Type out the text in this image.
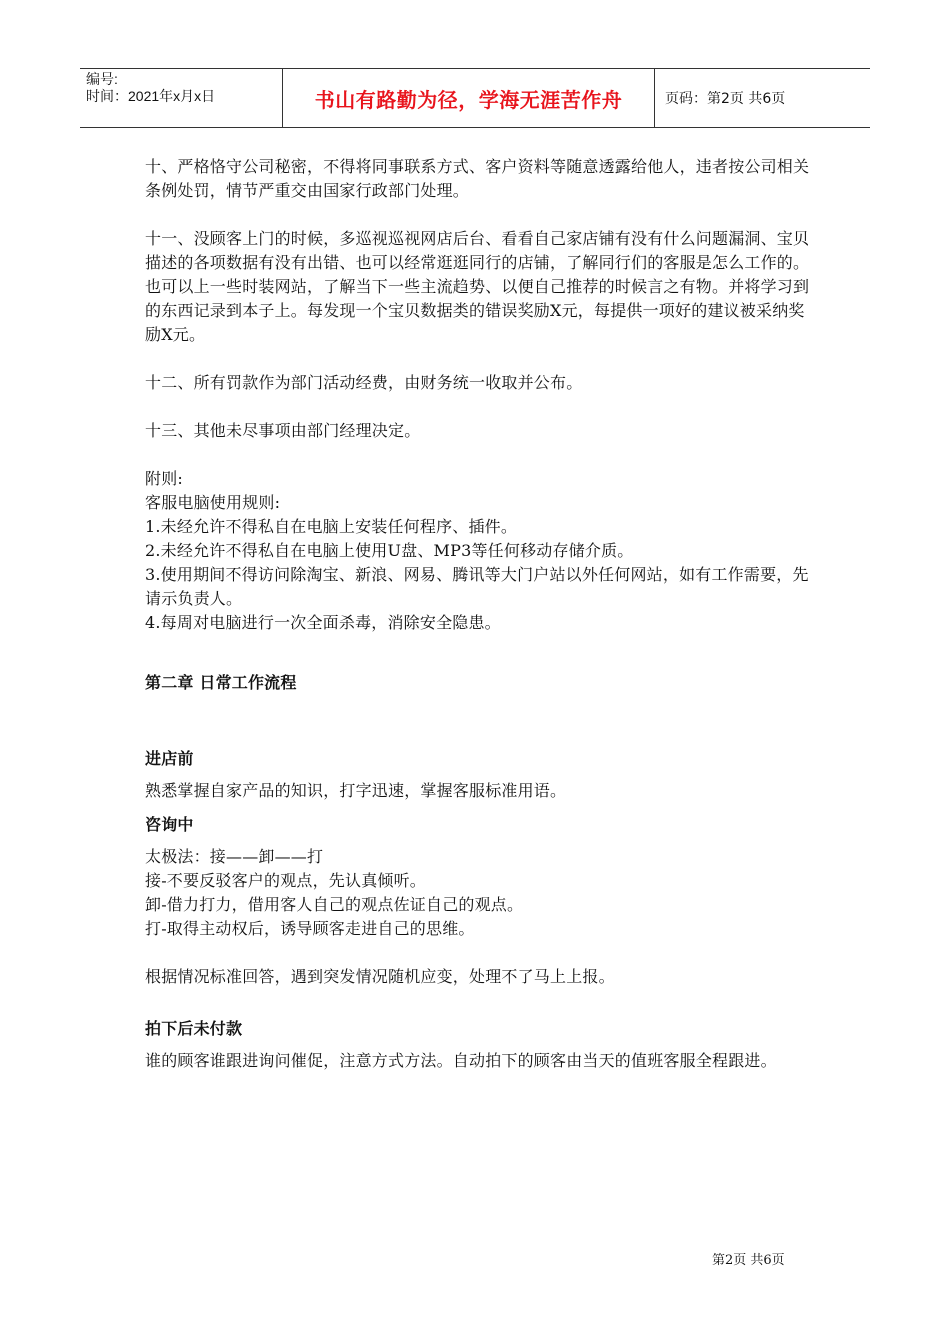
编号:
时间：2021年x月x日	书山有路勤为径，学海无涯苦作舟	页码：第2页 共6页

十、严格恪守公司秘密，不得将同事联系方式、客户资料等随意透露给他人，违者按公司相关条例处罚，情节严重交由国家行政部门处理。

十一、没顾客上门的时候，多巡视巡视网店后台、看看自己家店铺有没有什么问题漏洞、宝贝描述的各项数据有没有出错、也可以经常逛逛同行的店铺，了解同行们的客服是怎么工作的。也可以上一些时装网站，了解当下一些主流趋势、以便自己推荐的时候言之有物。并将学习到的东西记录到本子上。每发现一个宝贝数据类的错误奖励X元，每提供一项好的建议被采纳奖励X元。

十二、所有罚款作为部门活动经费，由财务统一收取并公布。

十三、其他未尽事项由部门经理决定。

附则:

客服电脑使用规则:

1.未经允许不得私自在电脑上安装任何程序、插件。

2.未经允许不得私自在电脑上使用U盘、MP3等任何移动存储介质。

3.使用期间不得访问除淘宝、新浪、网易、腾讯等大门户站以外任何网站，如有工作需要，先请示负责人。

4.每周对电脑进行一次全面杀毒，消除安全隐患。

第二章 日常工作流程

进店前

熟悉掌握自家产品的知识，打字迅速，掌握客服标准用语。

咨询中

太极法：接——卸——打

接-不要反驳客户的观点，先认真倾听。

卸-借力打力，借用客人自己的观点佐证自己的观点。

打-取得主动权后，诱导顾客走进自己的思维。

根据情况标准回答，遇到突发情况随机应变，处理不了马上上报。

拍下后未付款

谁的顾客谁跟进询问催促，注意方式方法。自动拍下的顾客由当天的值班客服全程跟进。

第2页 共6页
